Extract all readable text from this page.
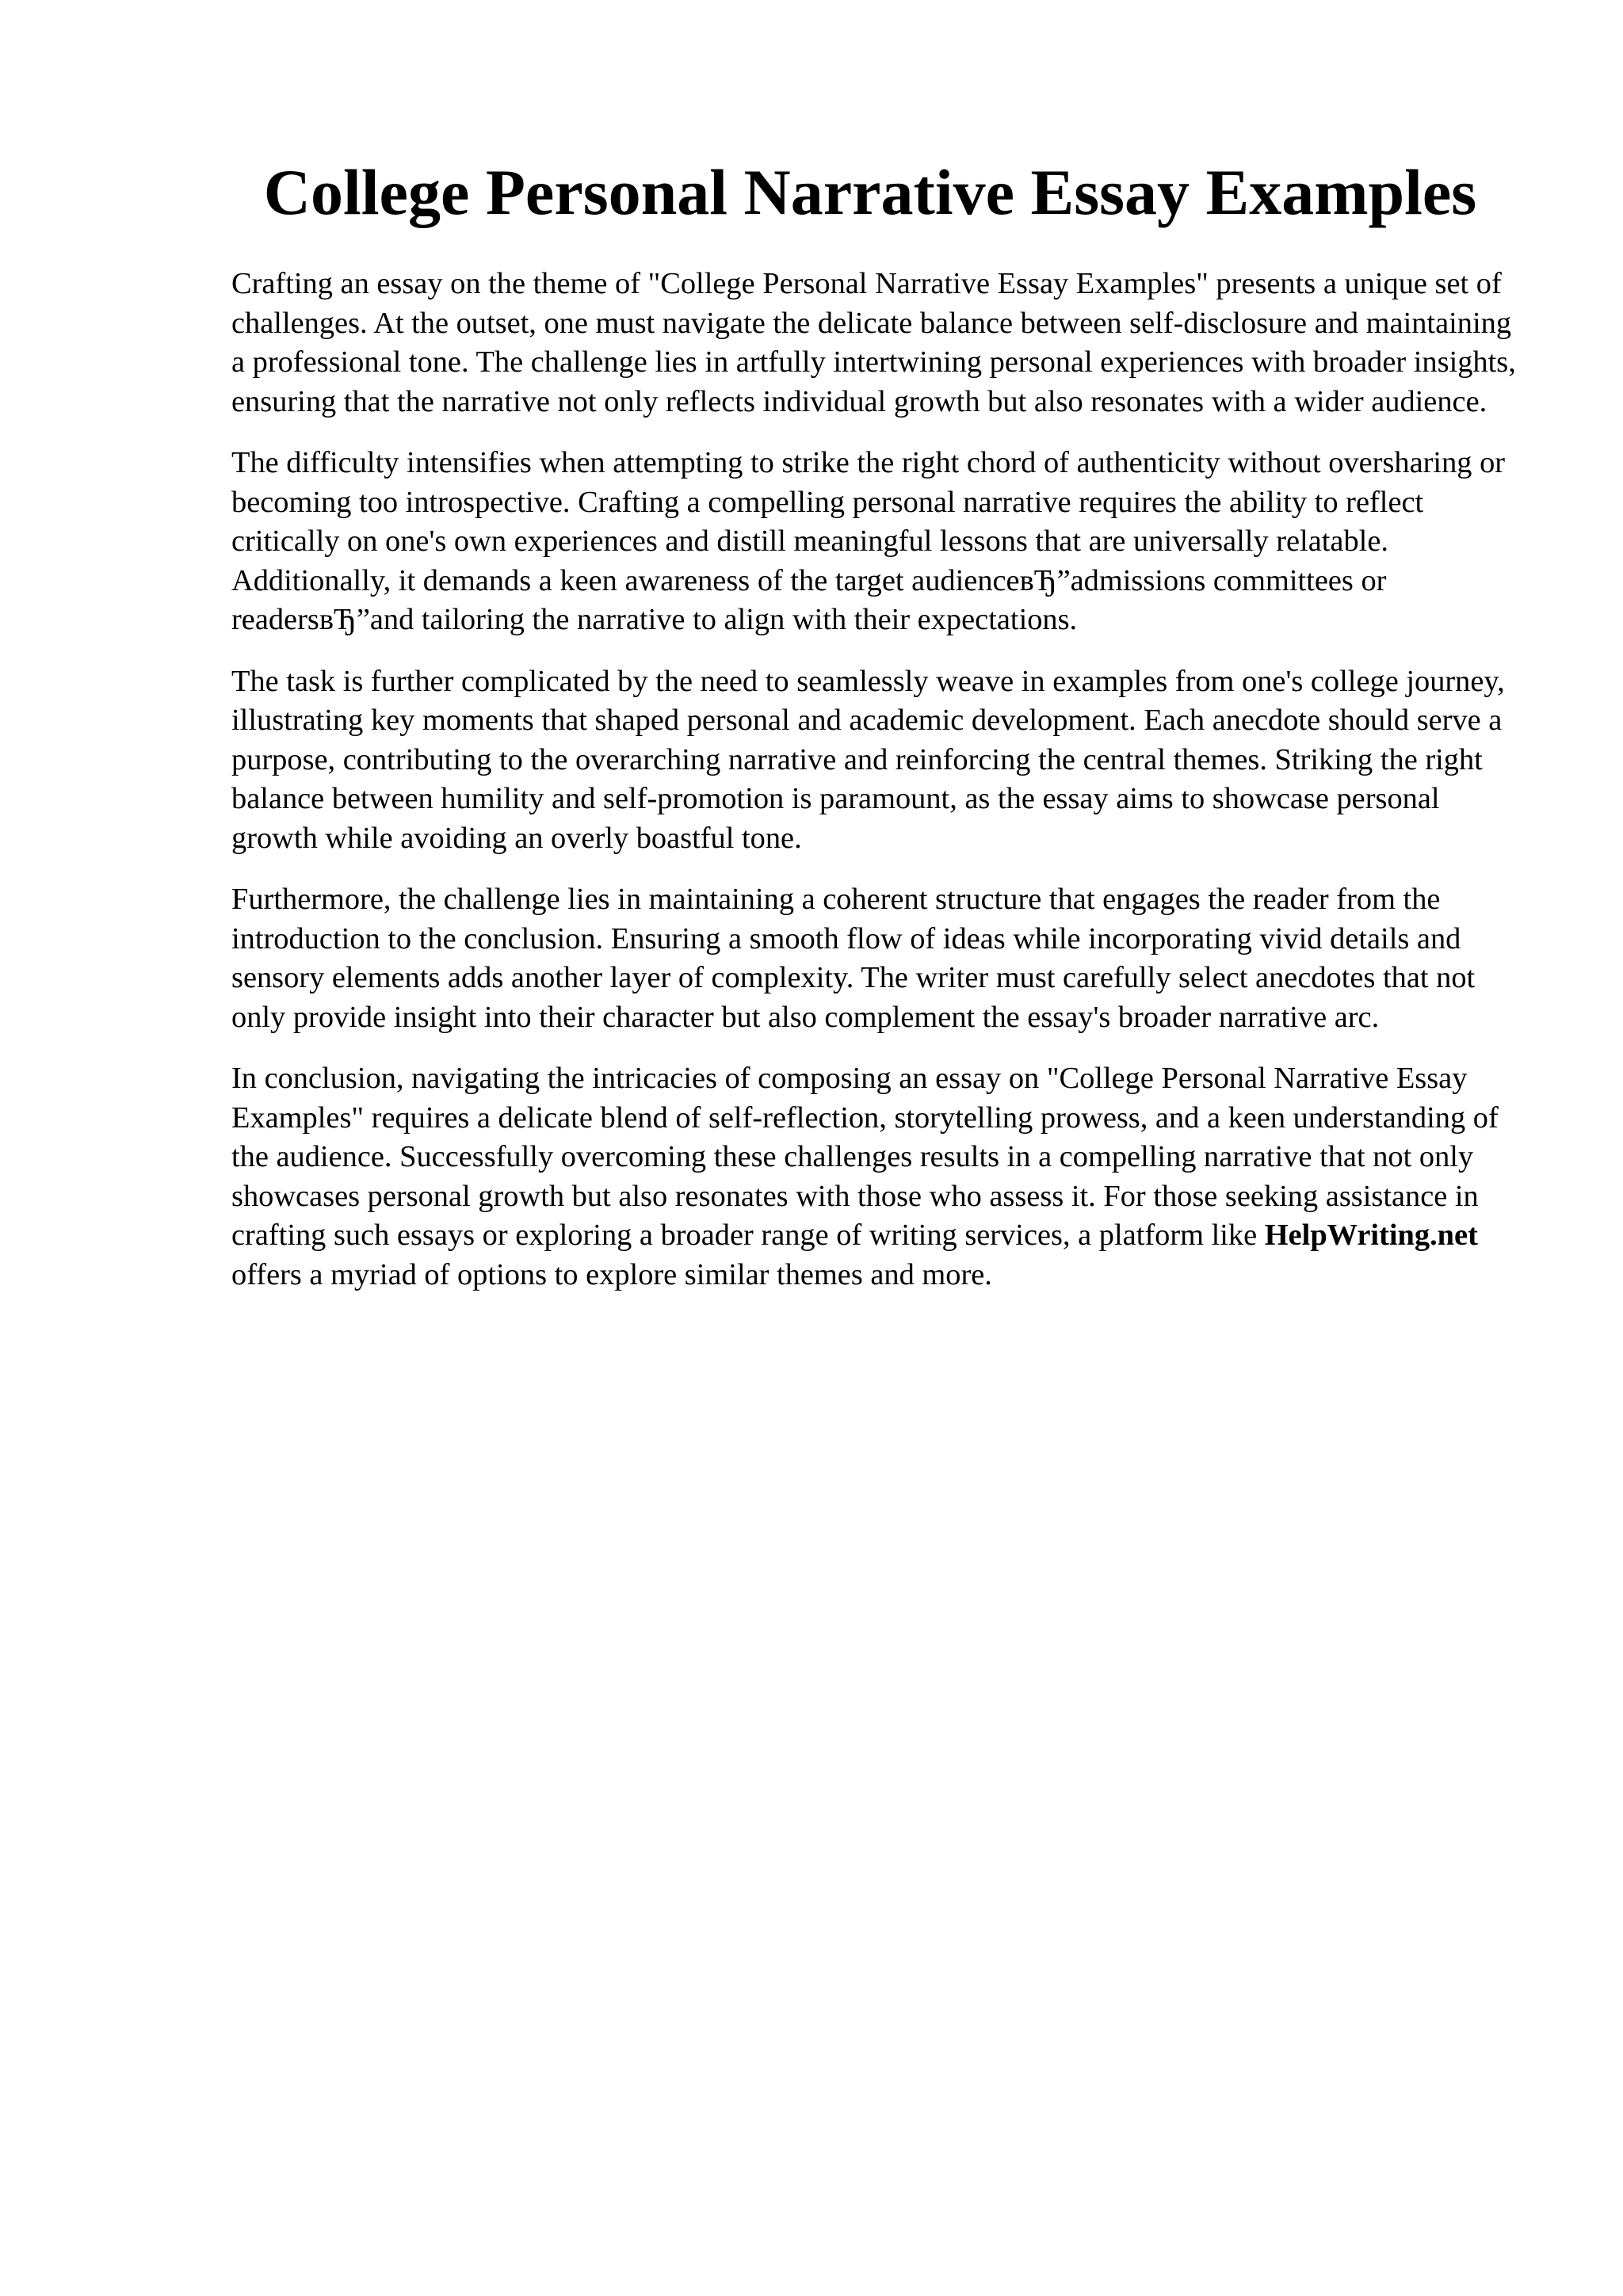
College Personal Narrative Essay Examples

Crafting an essay on the theme of "College Personal Narrative Essay Examples" presents a unique set of challenges. At the outset, one must navigate the delicate balance between self-disclosure and maintaining a professional tone. The challenge lies in artfully intertwining personal experiences with broader insights, ensuring that the narrative not only reflects individual growth but also resonates with a wider audience.

The difficulty intensifies when attempting to strike the right chord of authenticity without oversharing or becoming too introspective. Crafting a compelling personal narrative requires the ability to reflect critically on one's own experiences and distill meaningful lessons that are universally relatable. Additionally, it demands a keen awareness of the target audienceвЂ”admissions committees or readersвЂ”and tailoring the narrative to align with their expectations.

The task is further complicated by the need to seamlessly weave in examples from one's college journey, illustrating key moments that shaped personal and academic development. Each anecdote should serve a purpose, contributing to the overarching narrative and reinforcing the central themes. Striking the right balance between humility and self-promotion is paramount, as the essay aims to showcase personal growth while avoiding an overly boastful tone.

Furthermore, the challenge lies in maintaining a coherent structure that engages the reader from the introduction to the conclusion. Ensuring a smooth flow of ideas while incorporating vivid details and sensory elements adds another layer of complexity. The writer must carefully select anecdotes that not only provide insight into their character but also complement the essay's broader narrative arc.

In conclusion, navigating the intricacies of composing an essay on "College Personal Narrative Essay Examples" requires a delicate blend of self-reflection, storytelling prowess, and a keen understanding of the audience. Successfully overcoming these challenges results in a compelling narrative that not only showcases personal growth but also resonates with those who assess it. For those seeking assistance in crafting such essays or exploring a broader range of writing services, a platform like HelpWriting.net offers a myriad of options to explore similar themes and more.
